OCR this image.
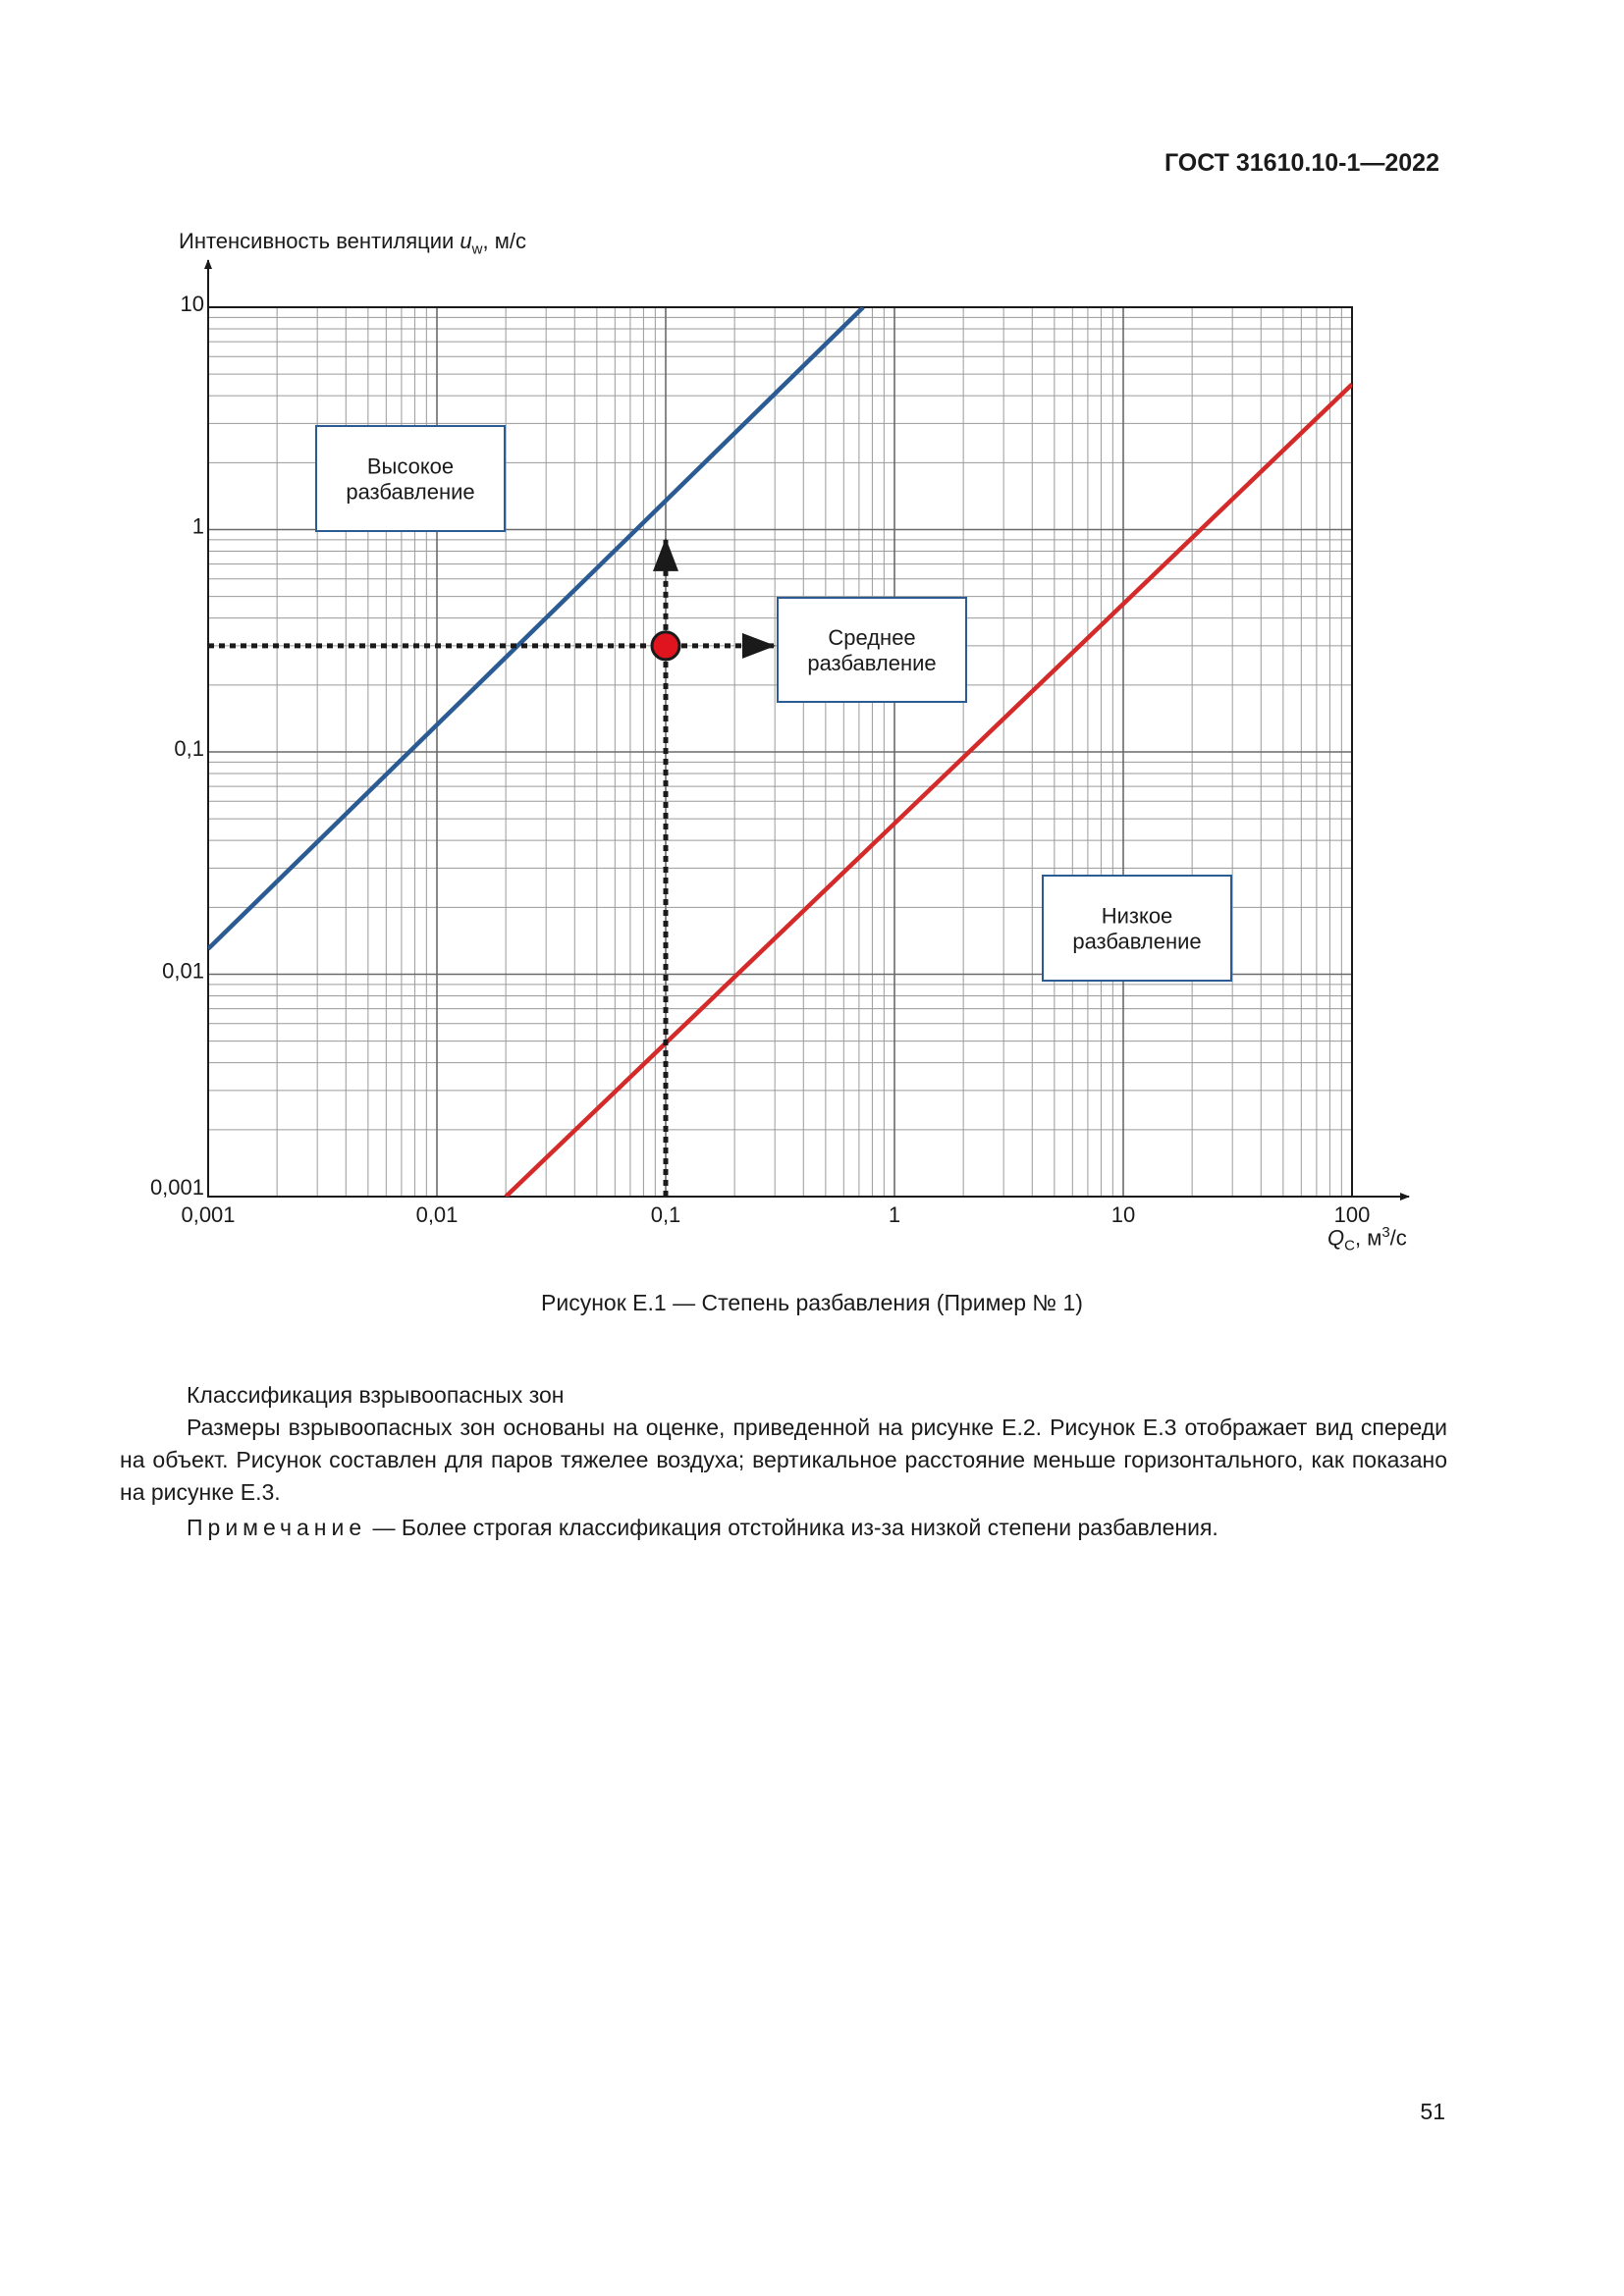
ГОСТ 31610.10-1—2022
0,001	0,01	0,1	1	10	100
0,001
0,01
0,1
1
10
Высокое
разбавление
Среднее
разбавление
Низкое
разбавление
Интенсивность вентиляции $u_w$, м/с
$Q_C$, $м^3/с$
Рисунок Е.1 — Степень разбавления (Пример № 1)
Классификация взрывоопасных зон
Размеры взрывоопасных зон основаны на оценке, приведенной на рисунке Е.2. Рисунок Е.3 отображает вид спереди на объект. Рисунок составлен для паров тяжелее воздуха; вертикальное расстояние меньше горизонтального, как показано на рисунке Е.3.
Примечание — Более строгая классификация отстойника из-за низкой степени разбавления.
51
